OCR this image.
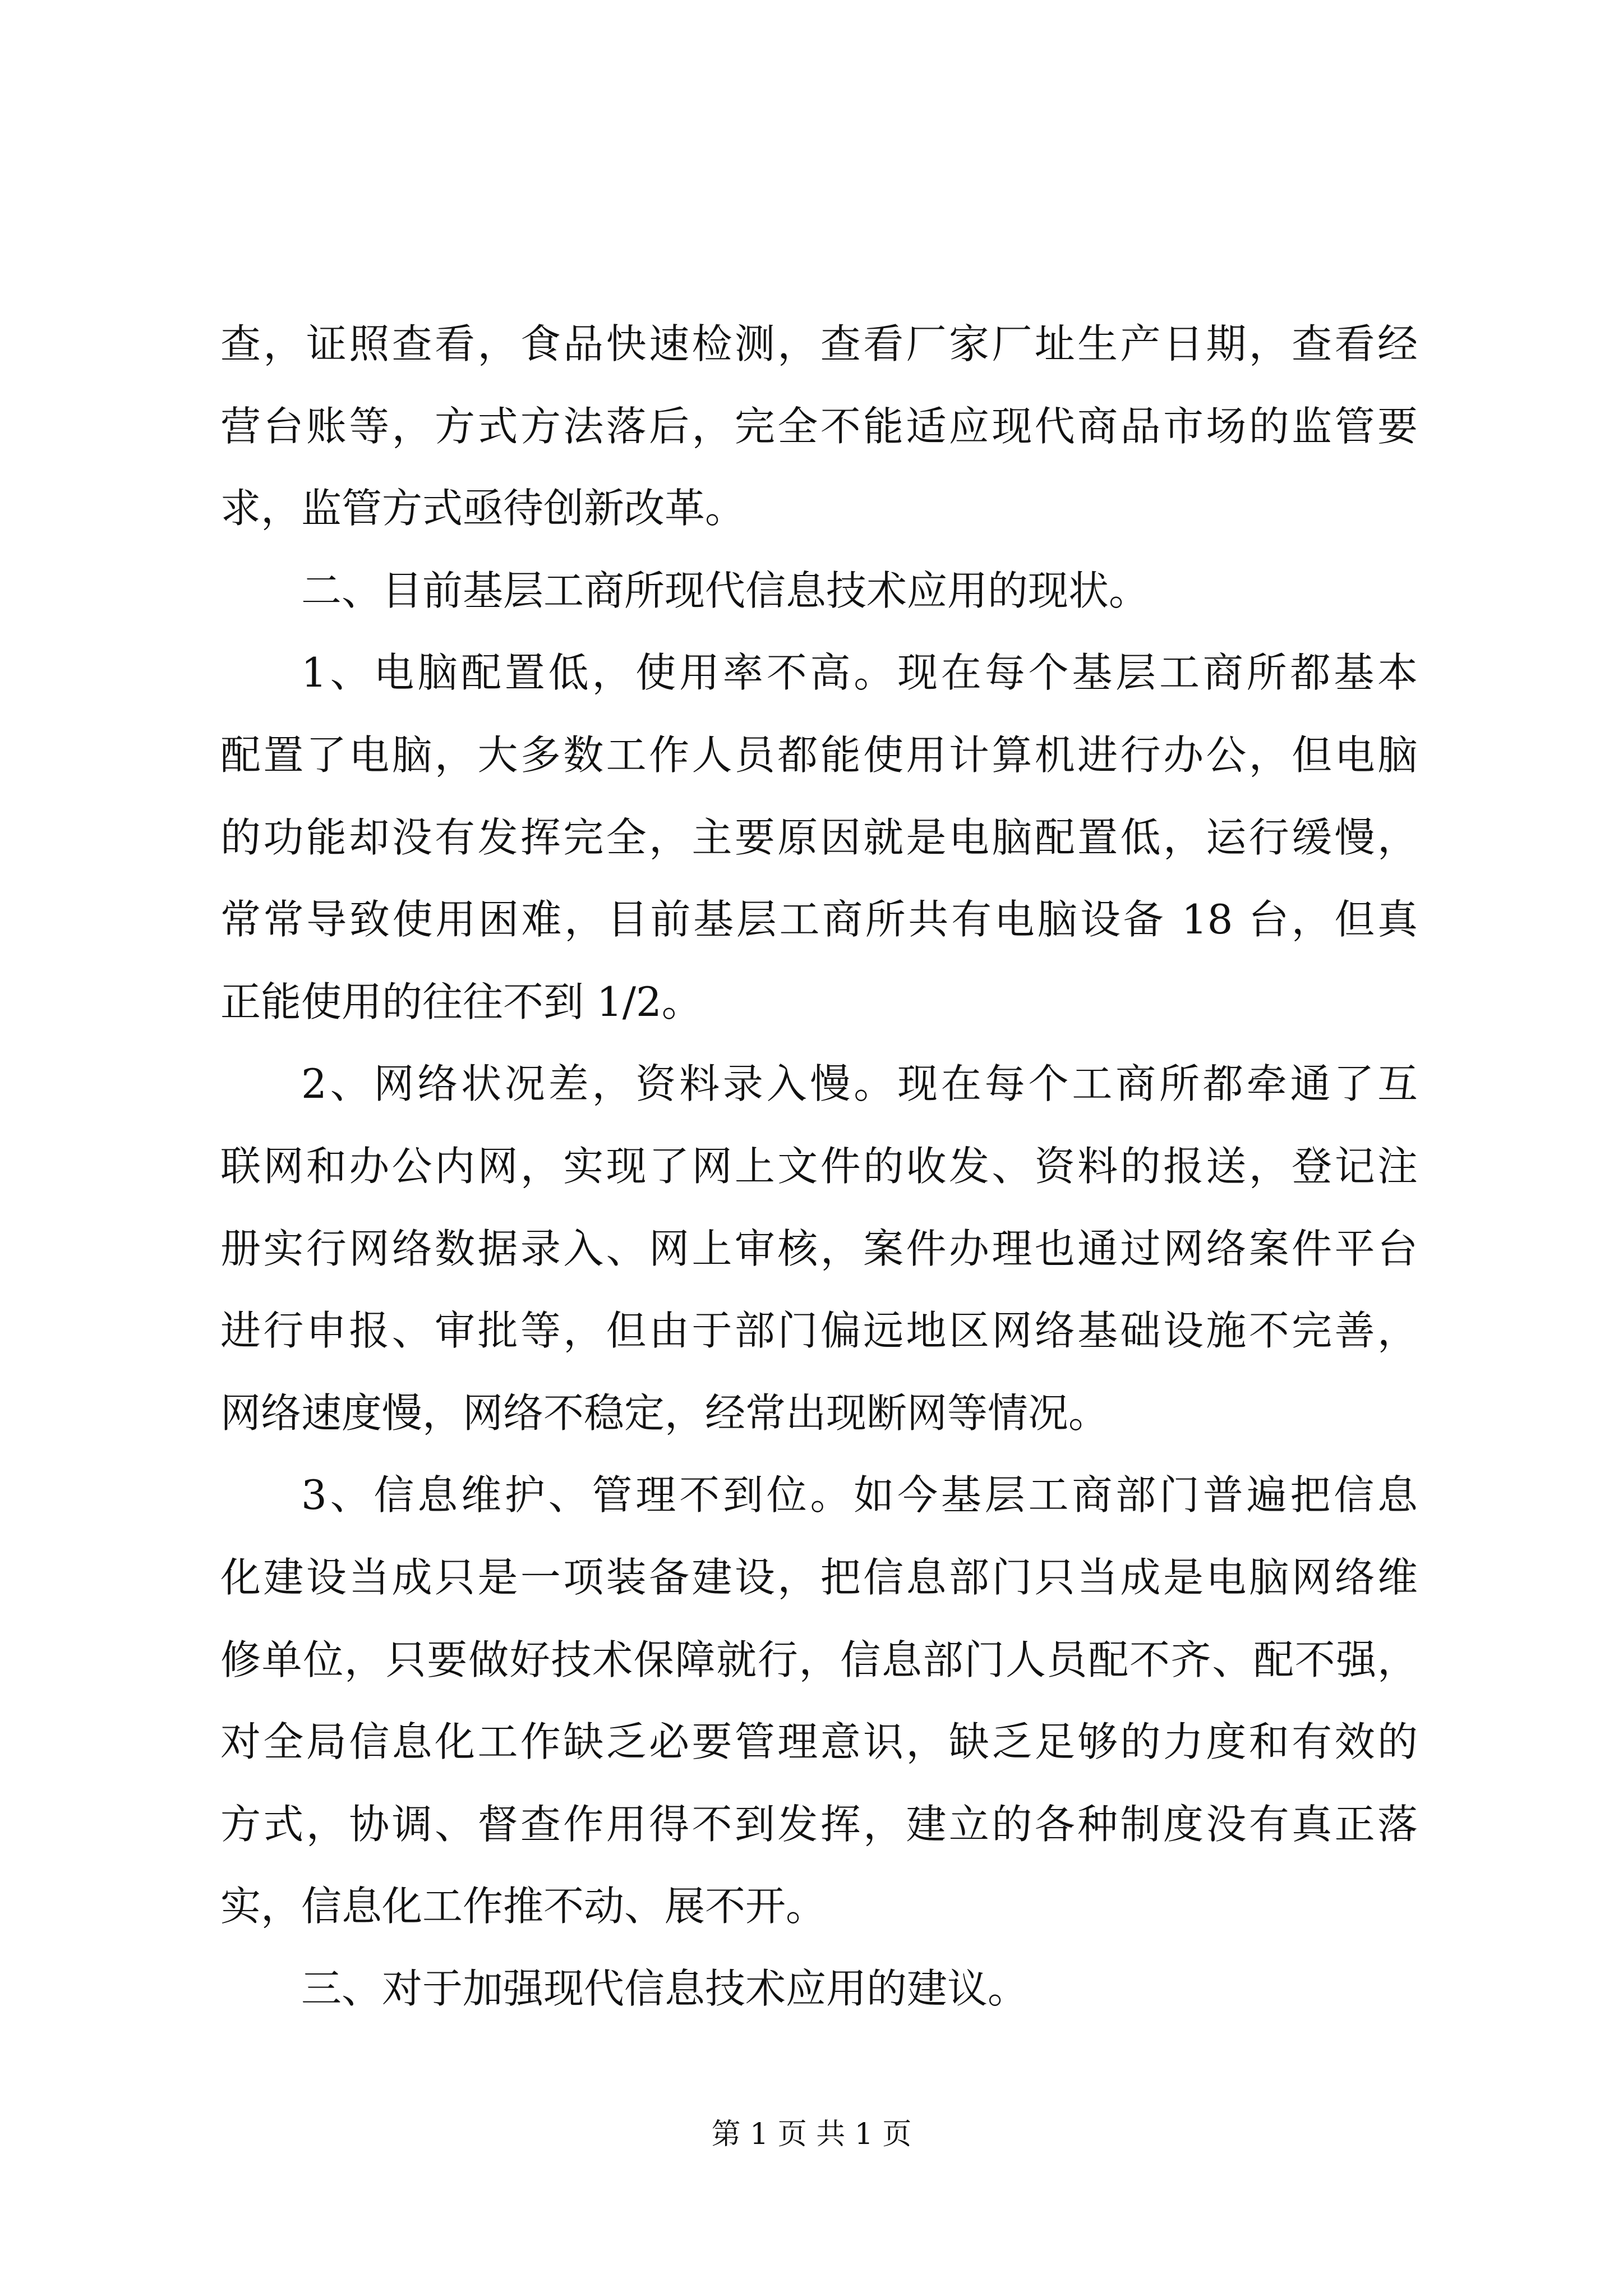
查，证照查看，食品快速检测，查看厂家厂址生产日期，查看经
营台账等，方式方法落后，完全不能适应现代商品市场的监管要
求，监管方式亟待创新改革。
二、目前基层工商所现代信息技术应用的现状。
1、电脑配置低，使用率不高。现在每个基层工商所都基本
配置了电脑，大多数工作人员都能使用计算机进行办公，但电脑
的功能却没有发挥完全，主要原因就是电脑配置低，运行缓慢，
常常导致使用困难，目前基层工商所共有电脑设备 18 台，但真
正能使用的往往不到 1/2。
2、网络状况差，资料录入慢。现在每个工商所都牵通了互
联网和办公内网，实现了网上文件的收发、资料的报送，登记注
册实行网络数据录入、网上审核，案件办理也通过网络案件平台
进行申报、审批等，但由于部门偏远地区网络基础设施不完善，
网络速度慢，网络不稳定，经常出现断网等情况。
3、信息维护、管理不到位。如今基层工商部门普遍把信息
化建设当成只是一项装备建设，把信息部门只当成是电脑网络维
修单位，只要做好技术保障就行，信息部门人员配不齐、配不强，
对全局信息化工作缺乏必要管理意识，缺乏足够的力度和有效的
方式，协调、督查作用得不到发挥，建立的各种制度没有真正落
实，信息化工作推不动、展不开。
三、对于加强现代信息技术应用的建议。
第 1 页 共 1 页
